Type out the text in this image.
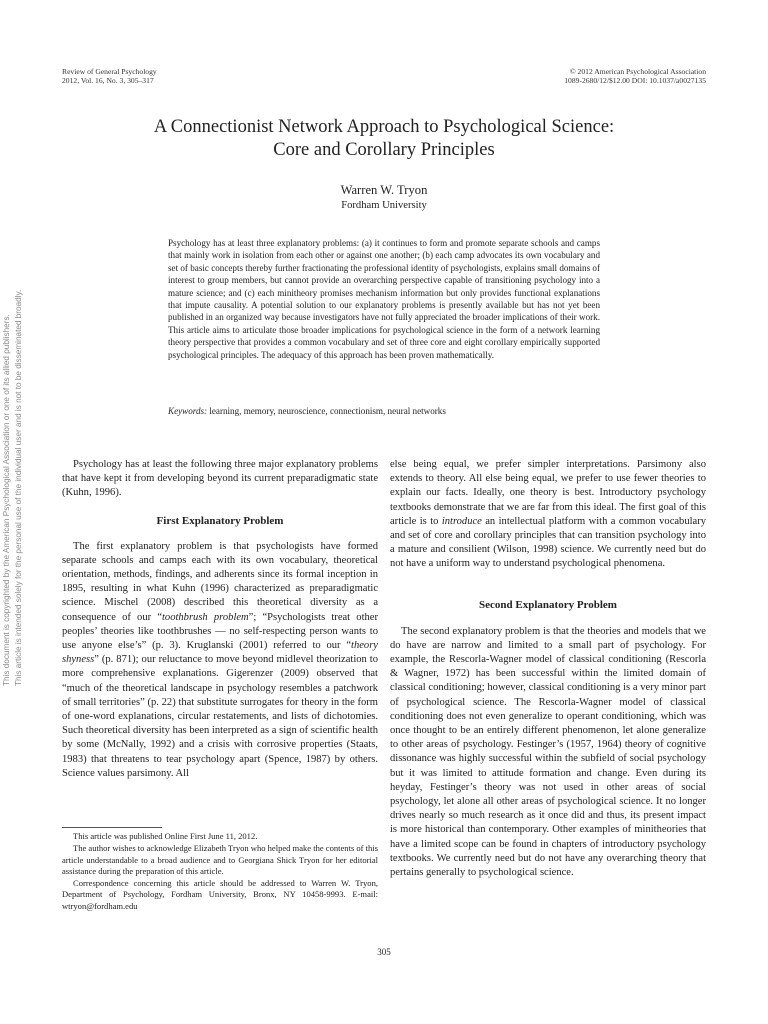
Review of General Psychology
2012, Vol. 16, No. 3, 305–317
© 2012 American Psychological Association
1089-2680/12/$12.00 DOI: 10.1037/a0027135
A Connectionist Network Approach to Psychological Science:
Core and Corollary Principles
Warren W. Tryon
Fordham University
Psychology has at least three explanatory problems: (a) it continues to form and promote separate schools and camps that mainly work in isolation from each other or against one another; (b) each camp advocates its own vocabulary and set of basic concepts thereby further fractionating the professional identity of psychologists, explains small domains of interest to group members, but cannot provide an overarching perspective capable of transitioning psychology into a mature science; and (c) each minitheory promises mechanism information but only provides functional explanations that impute causality. A potential solution to our explanatory problems is presently available but has not yet been published in an organized way because investigators have not fully appreciated the broader implications of their work. This article aims to articulate those broader implications for psychological science in the form of a network learning theory perspective that provides a common vocabulary and set of three core and eight corollary empirically supported psychological principles. The adequacy of this approach has been proven mathematically.
Keywords: learning, memory, neuroscience, connectionism, neural networks
This document is copyrighted by the American Psychological Association or one of its allied publishers. This article is intended solely for the personal use of the individual user and is not to be disseminated broadly.	Psychology has at least the following three major explanatory problems that have kept it from developing beyond its current preparadigmatic state (Kuhn, 1996).

First Explanatory Problem

The first explanatory problem is that psychologists have formed separate schools and camps each with its own vocabulary, theoretical orientation, methods, findings, and adherents since its formal inception in 1895, resulting in what Kuhn (1996) characterized as preparadigmatic science. Mischel (2008) described this theoretical diversity as a consequence of our “toothbrush problem”; “Psychologists treat other peoples’ theories like toothbrushes — no self-respecting person wants to use anyone else’s” (p. 3). Kruglanski (2001) referred to our “theory shyness” (p. 871); our reluctance to move beyond midlevel theorization to more comprehensive explanations. Gigerenzer (2009) observed that “much of the theoretical landscape in psychology resembles a patchwork of small territories” (p. 22) that substitute surrogates for theory in the form of one-word explanations, circular restatements, and lists of dichotomies. Such theoretical diversity has been interpreted as a sign of scientific health by some (McNally, 1992) and a crisis with corrosive properties (Staats, 1983) that threatens to tear psychology apart (Spence, 1987) by others. Science values parsimony. All

else being equal, we prefer simpler interpretations. Parsimony also extends to theory. All else being equal, we prefer to use fewer theories to explain our facts. Ideally, one theory is best. Introductory psychology textbooks demonstrate that we are far from this ideal. The first goal of this article is to introduce an intellectual platform with a common vocabulary and set of core and corollary principles that can transition psychology into a mature and consilient (Wilson, 1998) science. We currently need but do not have a uniform way to understand psychological phenomena.

Second Explanatory Problem

The second explanatory problem is that the theories and models that we do have are narrow and limited to a small part of psychology. For example, the Rescorla-Wagner model of classical conditioning (Rescorla & Wagner, 1972) has been successful within the limited domain of classical conditioning; however, classical conditioning is a very minor part of psychological science. The Rescorla-Wagner model of classical conditioning does not even generalize to operant conditioning, which was once thought to be an entirely different phenomenon, let alone generalize to other areas of psychology. Festinger’s (1957, 1964) theory of cognitive dissonance was highly successful within the subfield of social psychology but it was limited to attitude formation and change. Even during its heyday, Festinger’s theory was not used in other areas of social psychology, let alone all other areas of psychological science. It no longer drives nearly so much research as it once did and thus, its present impact is more historical than contemporary. Other examples of minitheories that have a limited scope can be found in chapters of introductory psychology textbooks. We currently need but do not have any overarching theory that pertains generally to psychological science.

This article was published Online First June 11, 2012.

The author wishes to acknowledge Elizabeth Tryon who helped make the contents of this article understandable to a broad audience and to Georgiana Shick Tryon for her editorial assistance during the preparation of this article.

Correspondence concerning this article should be addressed to Warren W. Tryon, Department of Psychology, Fordham University, Bronx, NY 10458-9993. E-mail: wtryon@fordham.edu

305
